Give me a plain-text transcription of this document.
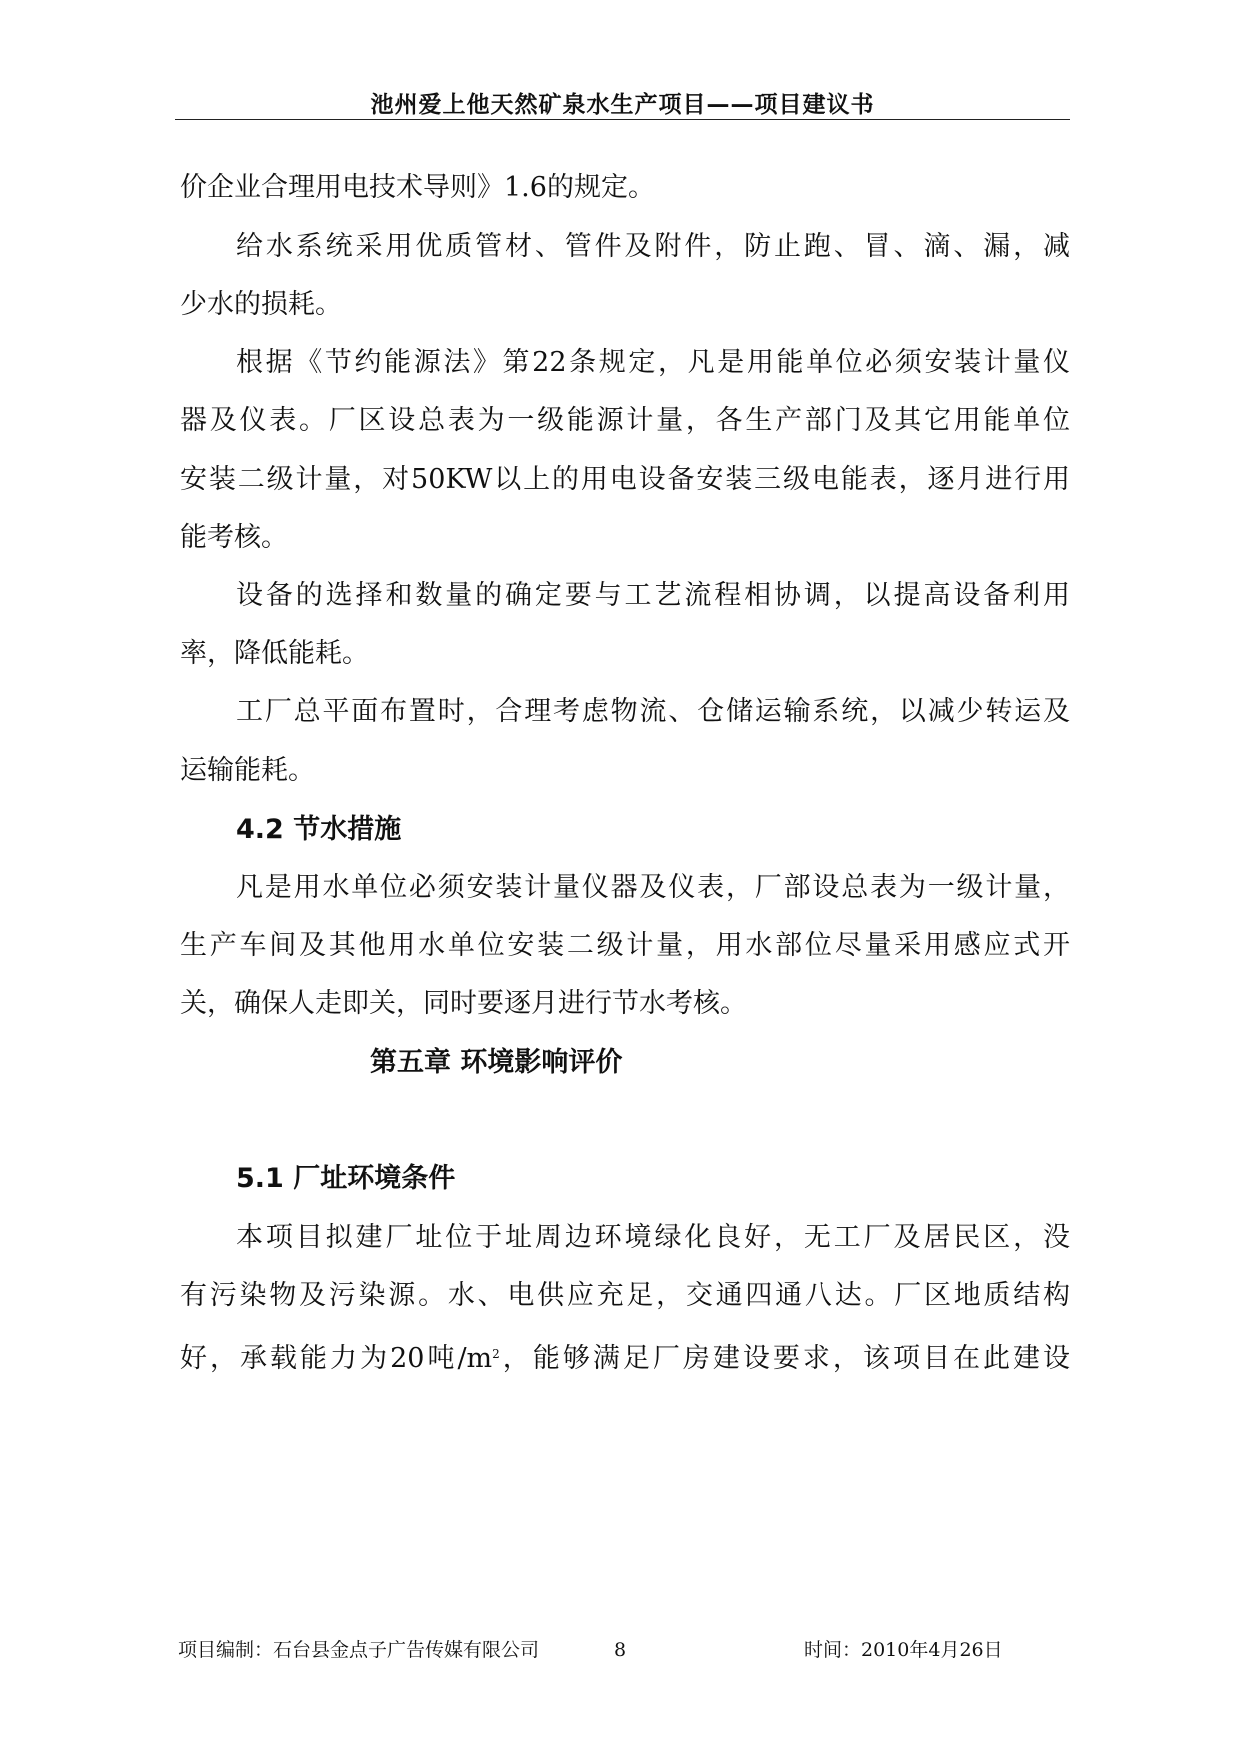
池州爱上他天然矿泉水生产项目——项目建议书
价企业合理用电技术导则》1.6的规定。
给水系统采用优质管材、管件及附件，防止跑、冒、滴、漏，减
少水的损耗。
根据《节约能源法》第22条规定，凡是用能单位必须安装计量仪
器及仪表。厂区设总表为一级能源计量，各生产部门及其它用能单位
安装二级计量，对50KW以上的用电设备安装三级电能表，逐月进行用
能考核。
设备的选择和数量的确定要与工艺流程相协调，以提高设备利用
率，降低能耗。
工厂总平面布置时，合理考虑物流、仓储运输系统，以减少转运及
运输能耗。
4.2 节水措施
凡是用水单位必须安装计量仪器及仪表，厂部设总表为一级计量，
生产车间及其他用水单位安装二级计量，用水部位尽量采用感应式开
关，确保人走即关，同时要逐月进行节水考核。
第五章 环境影响评价
5.1 厂址环境条件
本项目拟建厂址位于址周边环境绿化良好，无工厂及居民区，没
有污染物及污染源。水、电供应充足，交通四通八达。厂区地质结构
好，承载能力为20吨$/m^2$，能够满足厂房建设要求，该项目在此建设
项目编制：石台县金点子广告传媒有限公司	8	时间：2010年4月26日
